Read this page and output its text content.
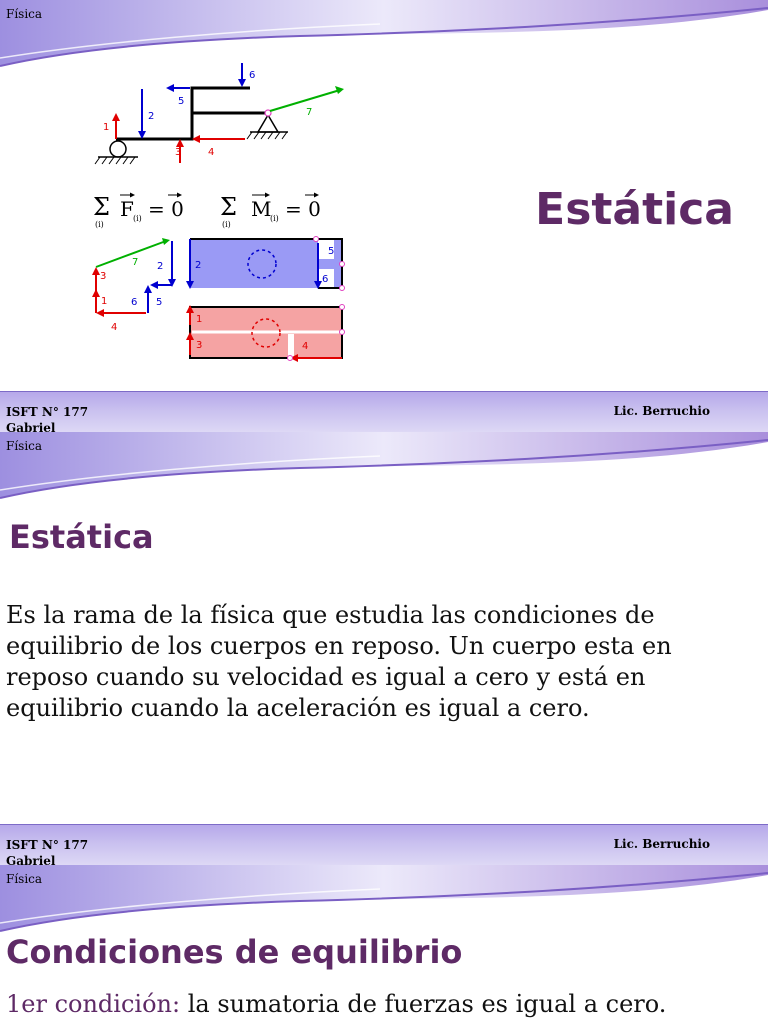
Física
1
2
3	4
5
6
7
Σ
(i)
F (i) = 0 Σ
(i)
M
(i) = 0
7 2
5
6
4
3
1
2
5
6
1
3	4
Estática
ISFT N° 177
Gabriel
Lic. Berruchio
Física
Estática
Es la rama de la física que estudia las condiciones de equilibrio de los cuerpos en reposo. Un cuerpo esta en reposo cuando su velocidad es igual a cero y está en equilibrio cuando la aceleración es igual a cero.
ISFT N° 177
Gabriel
Lic. Berruchio
Física
Condiciones de equilibrio
1er condición: la sumatoria de fuerzas es igual a cero.
